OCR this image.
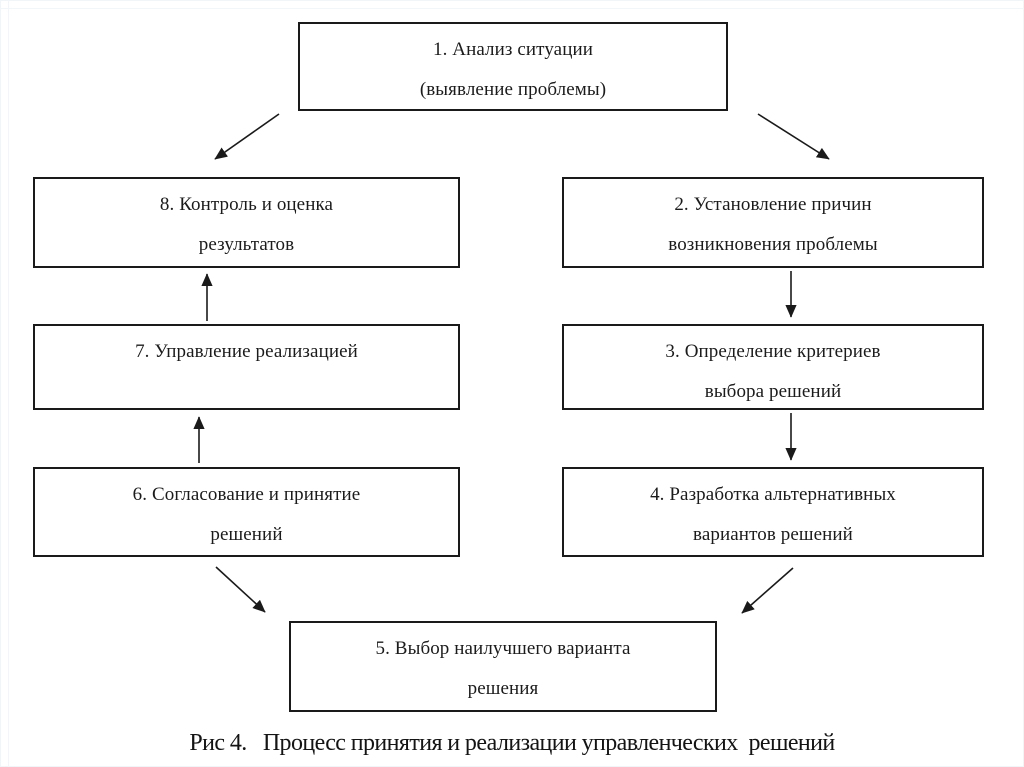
1. Анализ ситуации
(выявление проблемы)
8. Контроль и оценка
результатов
2. Установление причин
возникновения проблемы
7. Управление реализацией	3. Определение критериев
выбора решений
6. Согласование и принятие
решений
4. Разработка альтернативных
вариантов решений
5. Выбор наилучшего варианта
решения
Рис 4.   Процесс принятия и реализации управленческих  решений
